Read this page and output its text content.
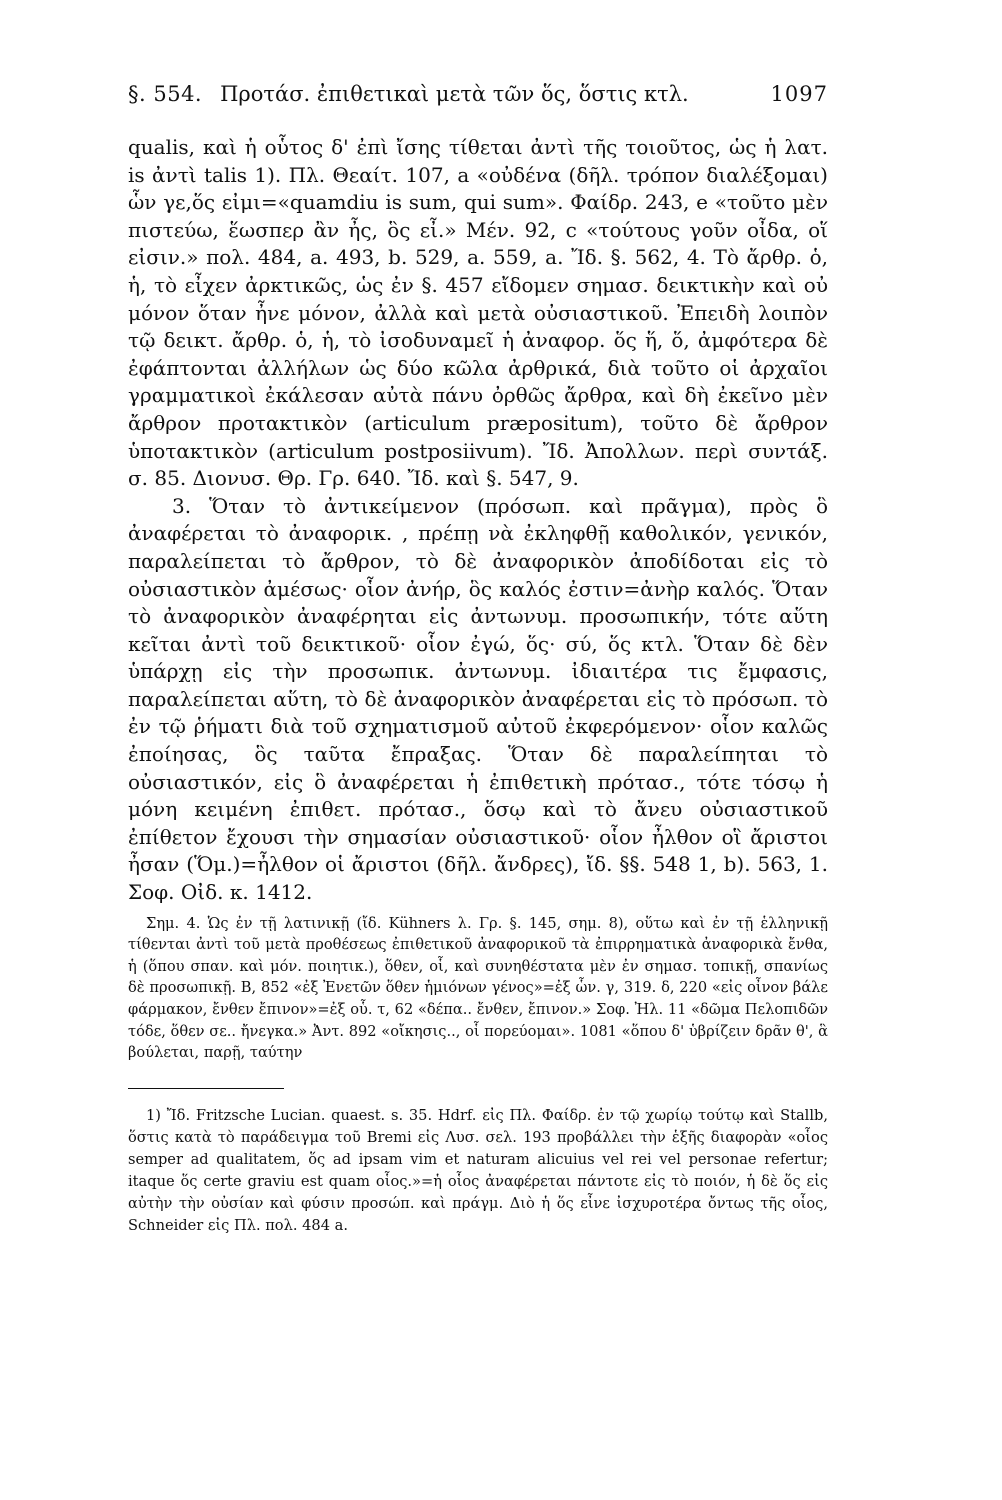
§. 554. Προτάσ. ἐπιθετικαὶ μετὰ τῶν ὅς, ὅστις κτλ.	1097

qualis, καὶ ἡ οὗτος δ' ἐπὶ ἴσης τίθεται ἀντὶ τῆς τοιοῦτος, ὡς ἡ λατ. is ἀντὶ talis 1). Πλ. Θεαίτ. 107, a «οὐδένα (δῆλ. τρόπον διαλέξομαι) ὧν γε,ὅς εἰμι=«quamdiu is sum, qui sum». Φαίδρ. 243, e «τοῦτο μὲν πιστεύω, ἕωσπερ ἂν ἦς, ὃς εἶ.» Μέν. 92, c «τούτους γοῦν οἶδα, οἵ εἰσιν.» πολ. 484, a. 493, b. 529, a. 559, a. Ἴδ. §. 562, 4. Τὸ ἄρθρ. ὁ, ἡ, τὸ εἶχεν ἀρκτικῶς, ὡς ἐν §. 457 εἴδομεν σημασ. δεικτικὴν καὶ οὐ μόνον ὅταν ἦνε μόνον, ἀλλὰ καὶ μετὰ οὐσιαστικοῦ. Ἐπειδὴ λοιπὸν τῷ δεικτ. ἄρθρ. ὁ, ἡ, τὸ ἰσοδυναμεῖ ἡ ἀναφορ. ὅς ἥ, ὅ, ἀμφότερα δὲ ἐφάπτονται ἀλλήλων ὡς δύο κῶλα ἀρθρικά, διὰ τοῦτο οἱ ἀρχαῖοι γραμματικοὶ ἐκάλεσαν αὐτὰ πάνυ ὀρθῶς ἄρθρα, καὶ δὴ ἐκεῖνο μὲν ἄρθρον προτακτικὸν (articulum præpositum), τοῦτο δὲ ἄρθρον ὑποτακτικὸν (articulum postposiivum). Ἴδ. Ἀπολλων. περὶ συντάξ. σ. 85. Διονυσ. Θρ. Γρ. 640. Ἴδ. καὶ §. 547, 9.

3. Ὅταν τὸ ἀντικείμενον (πρόσωπ. καὶ πρᾶγμα), πρὸς ὃ ἀναφέρεται τὸ ἀναφορικ. , πρέπῃ νὰ ἐκληφθῇ καθολικόν, γενικόν, παραλείπεται τὸ ἄρθρον, τὸ δὲ ἀναφορικὸν ἀποδίδοται εἰς τὸ οὐσιαστικὸν ἀμέσως· οἷον ἀνήρ, ὃς καλός ἐστιν=ἀνὴρ καλός. Ὅταν τὸ ἀναφορικὸν ἀναφέρηται εἰς ἀντωνυμ. προσωπικήν, τότε αὕτη κεῖται ἀντὶ τοῦ δεικτικοῦ· οἷον ἐγώ, ὅς· σύ, ὅς κτλ. Ὅταν δὲ δὲν ὑπάρχῃ εἰς τὴν προσωπικ. ἀντωνυμ. ἰδιαιτέρα τις ἔμφασις, παραλείπεται αὕτη, τὸ δὲ ἀναφορικὸν ἀναφέρεται εἰς τὸ πρόσωπ. τὸ ἐν τῷ ῥήματι διὰ τοῦ σχηματισμοῦ αὐτοῦ ἐκφερόμενον· οἷον καλῶς ἐποίησας, ὃς ταῦτα ἔπραξας. Ὅταν δὲ παραλείπηται τὸ οὐσιαστικόν, εἰς ὃ ἀναφέρεται ἡ ἐπιθετικὴ πρότασ., τότε τόσῳ ἡ μόνη κειμένη ἐπιθετ. πρότασ., ὅσῳ καὶ τὸ ἄνευ οὐσιαστικοῦ ἐπίθετον ἔχουσι τὴν σημασίαν οὐσιαστικοῦ· οἷον ἦλθον οἳ ἄριστοι ἦσαν (Ὅμ.)=ἦλθον οἱ ἄριστοι (δῆλ. ἄνδρες), ἴδ. §§. 548 1, b). 563, 1. Σοφ. Οἰδ. κ. 1412.

Σημ. 4. Ὡς ἐν τῇ λατινικῇ (ἴδ. Kühners λ. Γρ. §. 145, σημ. 8), οὕτω καὶ ἐν τῇ ἑλληνικῇ τίθενται ἀντὶ τοῦ μετὰ προθέσεως ἐπιθετικοῦ ἀναφορικοῦ τὰ ἐπιρρηματικὰ ἀναφορικὰ ἔνθα, ἡ (ὅπου σπαν. καὶ μόν. ποιητικ.), ὅθεν, οἷ, καὶ συνηθέστατα μὲν ἐν σημασ. τοπικῇ, σπανίως δὲ προσωπικῇ. Β, 852 «ἐξ Ἐνετῶν ὅθεν ἡμιόνων γένος»=ἐξ ὧν. γ, 319. δ, 220 «εἰς οἶνον βάλε φάρμακον, ἔνθεν ἔπινον»=ἐξ οὗ. τ, 62 «δέπα.. ἔνθεν, ἔπινον.» Σοφ. Ἠλ. 11 «δῶμα Πελοπιδῶν τόδε, ὅθεν σε.. ἤνεγκα.» Ἀντ. 892 «οἴκησις.., οἷ πορεύομαι». 1081 «ὅπου δ' ὑβρίζειν δρᾶν θ', ἃ βούλεται, παρῇ, ταύτην

1) Ἴδ. Fritzsche Lucian. quaest. s. 35. Hdrf. εἰς Πλ. Φαίδρ. ἐν τῷ χωρίῳ τούτῳ καὶ Stallb, ὅστις κατὰ τὸ παράδειγμα τοῦ Bremi εἰς Λυσ. σελ. 193 προβάλλει τὴν ἑξῆς διαφορὰν «οἷος semper ad qualitatem, ὅς ad ipsam vim et naturam alicuius vel rei vel personae refertur; itaque ὅς certe graviu est quam οἷος.»=ἡ οἷος ἀναφέρεται πάντοτε εἰς τὸ ποιόν, ἡ δὲ ὅς εἰς αὐτὴν τὴν οὐσίαν καὶ φύσιν προσώπ. καὶ πράγμ. Διὸ ἡ ὅς εἶνε ἰσχυροτέρα ὄντως τῆς οἷος, Schneider εἰς Πλ. πολ. 484 a.
